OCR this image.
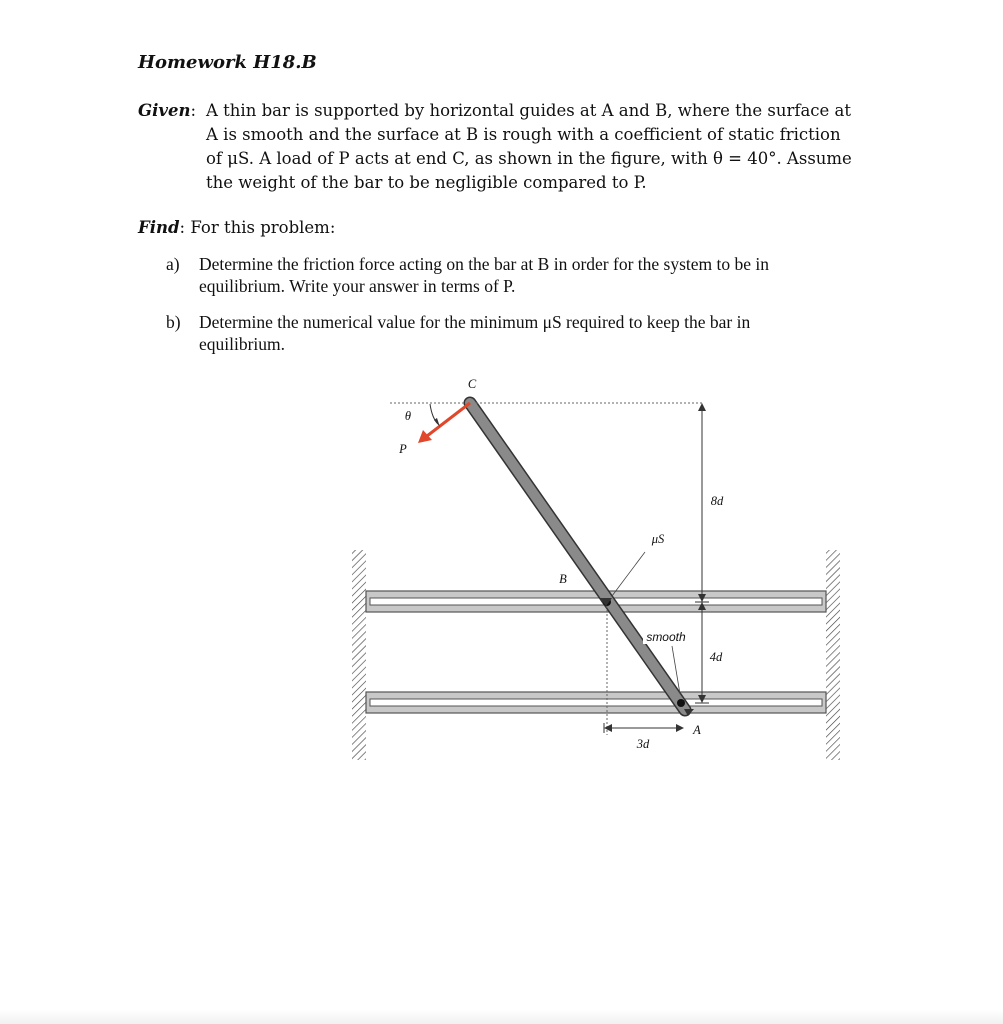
Homework H18.B
Given: A thin bar is supported by horizontal guides at A and B, where the surface at
A is smooth and the surface at B is rough with a coefficient of static friction
of μS. A load of P acts at end C, as shown in the figure, with θ = 40°. Assume
the weight of the bar to be negligible compared to P.
Find: For this problem:
a) Determine the friction force acting on the bar at B in order for the system to be in
equilibrium. Write your answer in terms of P.
b) Determine the numerical value for the minimum μS required to keep the bar in
equilibrium.
C
θ
P
B
μS
smooth
A
8d
4d
3d
